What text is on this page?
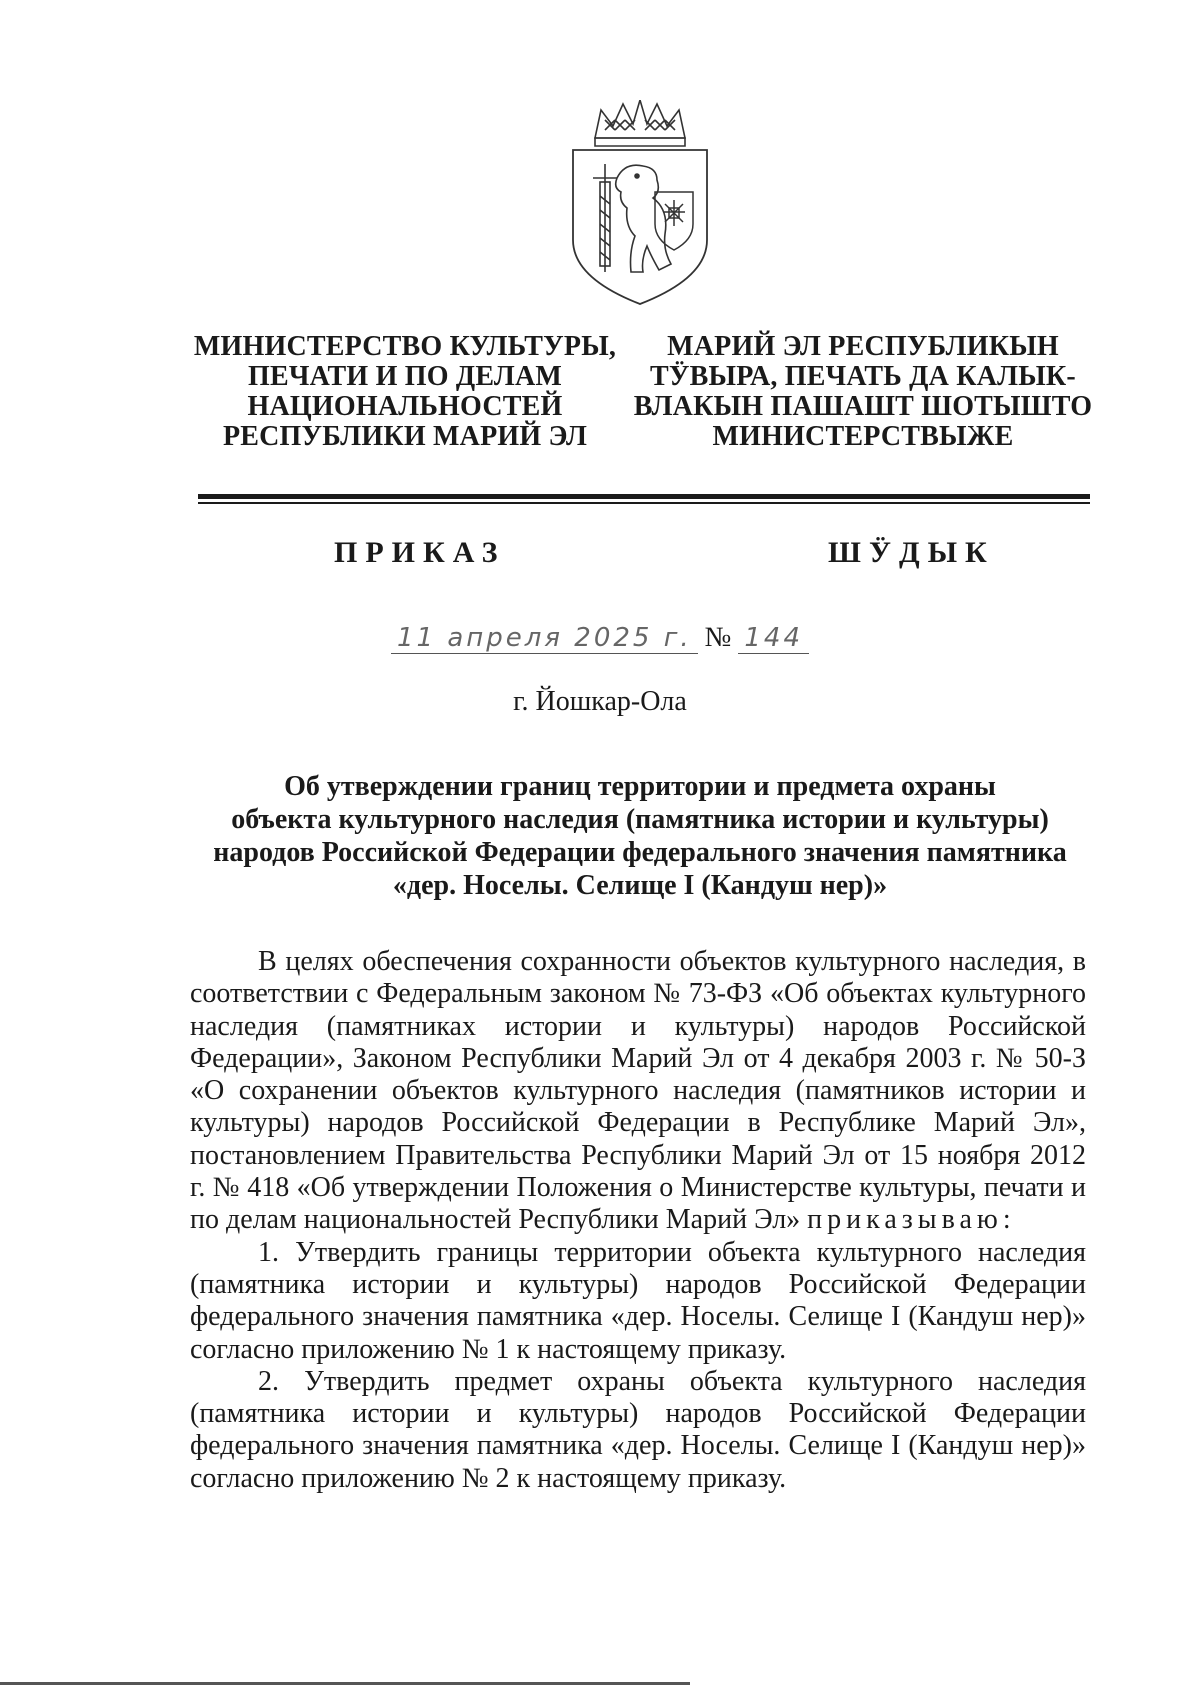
МИНИСТЕРСТВО КУЛЬТУРЫ,
ПЕЧАТИ И ПО ДЕЛАМ
НАЦИОНАЛЬНОСТЕЙ
РЕСПУБЛИКИ МАРИЙ ЭЛ
МАРИЙ ЭЛ РЕСПУБЛИКЫН
ТӰВЫРА, ПЕЧАТЬ ДА КАЛЫК-
ВЛАКЫН ПАШАШТ ШОТЫШТО
МИНИСТЕРСТВЫЖЕ
ПРИКАЗ	ШӰДЫК
11 апреля 2025 г. № 144
г. Йошкар-Ола
Об утверждении границ территории и предмета охраны
объекта культурного наследия (памятника истории и культуры)
народов Российской Федерации федерального значения памятника
«дер. Носелы. Селище I (Кандуш нер)»

В целях обеспечения сохранности объектов культурного наследия, в соответствии с Федеральным законом № 73-ФЗ «Об объектах культурного наследия (памятниках истории и культуры) народов Российской Федерации», Законом Республики Марий Эл от 4 декабря 2003 г. № 50-З «О сохранении объектов культурного наследия (памятников истории и культуры) народов Российской Федерации в Республике Марий Эл», постановлением Правительства Республики Марий Эл от 15 ноября 2012 г. № 418 «Об утверждении Положения о Министерстве культуры, печати и по делам национальностей Республики Марий Эл» приказываю:

1. Утвердить границы территории объекта культурного наследия (памятника истории и культуры) народов Российской Федерации федерального значения памятника «дер. Носелы. Селище I (Кандуш нер)» согласно приложению № 1 к настоящему приказу.

2. Утвердить предмет охраны объекта культурного наследия (памятника истории и культуры) народов Российской Федерации федерального значения памятника «дер. Носелы. Селище I (Кандуш нер)» согласно приложению № 2 к настоящему приказу.
